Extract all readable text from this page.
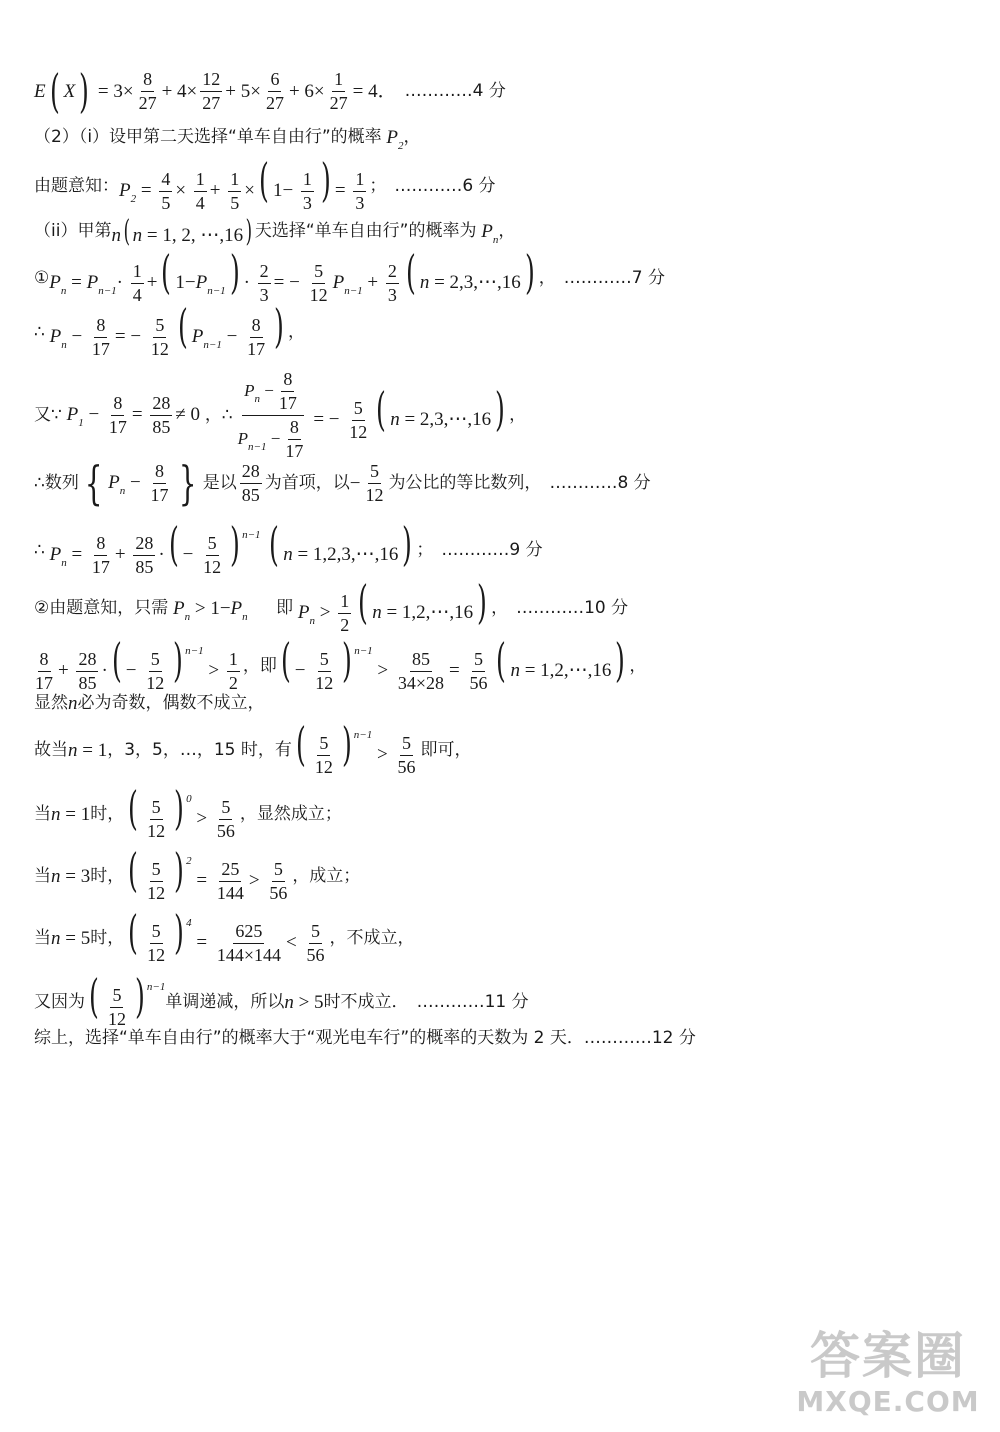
E ( X ) = $3\times \frac{8}{27} + 4\times \frac{12}{27} + 5\times \frac{6}{27} + 6\times \frac{1}{27} = 4$． …………4 分
（2）（i）设甲第二天选择“单车自由行”的概率 $P_2$ ，
由题意知： $P_2 = \frac{4}{5} \times \frac{1}{4} + \frac{1}{5}$ ×( $1- \frac{1}{3}$ ) = $\frac{1}{3}$ ； …………6 分
（ii）甲第 n( n = 1, 2, ⋯,16) 天选择“单车自由行”的概率为 $P_n$ ，
① $P_n = P_{n-1}\cdot \frac{1}{4}$ +( $1-P_{n-1}) \cdot \frac{2}{3}$ = − $\frac{5}{12} P_{n-1} + \frac{2}{3}$ ( n = 2,3,⋯,16) ， …………7 分
∴ $P_n - \frac{8}{17}$ = − $\frac{5}{12}$ ( $P_{n-1} - \frac{8}{17}$ ) ，
又∵ $P_1 - \frac{8}{17} = \frac{28}{85} \ne 0$ ，∴ $\frac{P_n - \frac{8}{17}}{P_{n-1} - \frac{8}{17}}$ = − $\frac{5}{12}$ ( n = 2,3,⋯,16) ，
∴数列 { $P_n - \frac{8}{17}$ } 是以 $\frac{28}{85}$ 为首项，以 − $\frac{5}{12}$ 为公比的等比数列， …………8 分
∴ $P_n = \frac{8}{17} + \frac{28}{85}$ ·( − $\frac{5}{12}$ ) $^{n-1}$ ( n = 1,2,3,⋯,16) ； …………9 分
②由题意知，只需 $P_n > 1-P_n$	即 $P_n > \frac{1}{2}$ ( n = 1,2,⋯,16) ， …………10 分
$\frac{8}{17} + \frac{28}{85}$ ·( − $\frac{5}{12}$ ) $^{n-1} > \frac{1}{2}$ ，即 ( − $\frac{5}{12}$ ) $^{n-1} > \frac{85}{34\times 28} = \frac{5}{56}$ ( n = 1,2,⋯,16) ，
显然 n 必为奇数，偶数不成立，
故当 n = 1 ，3，5，…，15 时，有 ( $\frac{5}{12}$ ) $^{n-1} > \frac{5}{56}$ 即可，
当 n = 1 时， ( $\frac{5}{12}$ ) $^0 > \frac{5}{56}$ ，显然成立；
当 n = 3 时， ( $\frac{5}{12}$ ) $^2 = \frac{25}{144} > \frac{5}{56}$ ，成立；
当 n = 5 时， ( $\frac{5}{12}$ ) $^4 = \frac{625}{144\times 144} < \frac{5}{56}$ ，不成立，
又因为 ( $\frac{5}{12}$ ) $^{n-1}$
单调递减，所以 n > 5 时不成立． …………11 分
综上，选择“单车自由行”的概率大于“观光电车行”的概率的天数为 2 天． …………12 分
答案圈
MXQE.COM
